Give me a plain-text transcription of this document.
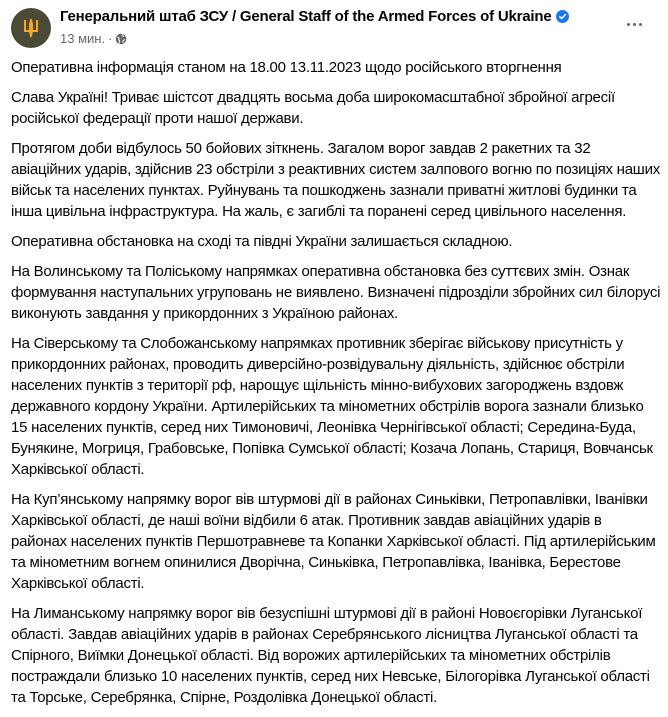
Генеральний штаб ЗСУ / General Staff of the Armed Forces of Ukraine
13 мин. ·

Оперативна інформація станом на 18.00 13.11.2023 щодо російського вторгнення

Слава Україні! Триває шістсот двадцять восьма доба широкомасштабної збройної агресії російської федерації проти нашої держави.

Протягом доби відбулось 50 бойових зіткнень. Загалом ворог завдав 2 ракетних та 32 авіаційних ударів, здійснив 23 обстріли з реактивних систем залпового вогню по позиціях наших військ та населених пунктах. Руйнувань та пошкоджень зазнали приватні житлові будинки та інша цивільна інфраструктура. На жаль, є загиблі та поранені серед цивільного населення.

Оперативна обстановка на сході та півдні України залишається складною.

На Волинському та Поліському напрямках оперативна обстановка без суттєвих змін. Ознак формування наступальних угруповань не виявлено. Визначені підрозділи збройних сил білорусі виконують завдання у прикордонних з Україною районах.

На Сіверському та Слобожанському напрямках противник зберігає військову присутність у прикордонних районах, проводить диверсійно-розвідувальну діяльність, здійснює обстріли населених пунктів з території рф, нарощує щільність мінно-вибухових загороджень вздовж державного кордону України. Артилерійських та мінометних обстрілів ворога зазнали близько 15 населених пунктів, серед них Тимоновичі, Леонівка Чернігівської області; Середина-Буда, Бунякине, Могриця, Грабовське, Попівка Сумської області; Козача Лопань, Стариця, Вовчанськ Харківської області.

На Куп’янському напрямку ворог вів штурмові дії в районах Синьківки, Петропавлівки, Іванівки Харківської області, де наші воїни відбили 6 атак. Противник завдав авіаційних ударів в районах населених пунктів Першотравневе та Копанки Харківської області. Під артилерійським та мінометним вогнем опинилися Дворічна, Синьківка, Петропавлівка, Іванівка, Берестове Харківської області.

На Лиманському напрямку ворог вів безуспішні штурмові дії в районі Новоєгорівки Луганської області. Завдав авіаційних ударів в районах Серебрянського лісництва Луганської області та Спірного, Виїмки Донецької області. Від ворожих артилерійських та мінометних обстрілів постраждали близько 10 населених пунктів, серед них Невське, Білогорівка Луганської області та Торське, Серебрянка, Спірне, Роздолівка Донецької області.
